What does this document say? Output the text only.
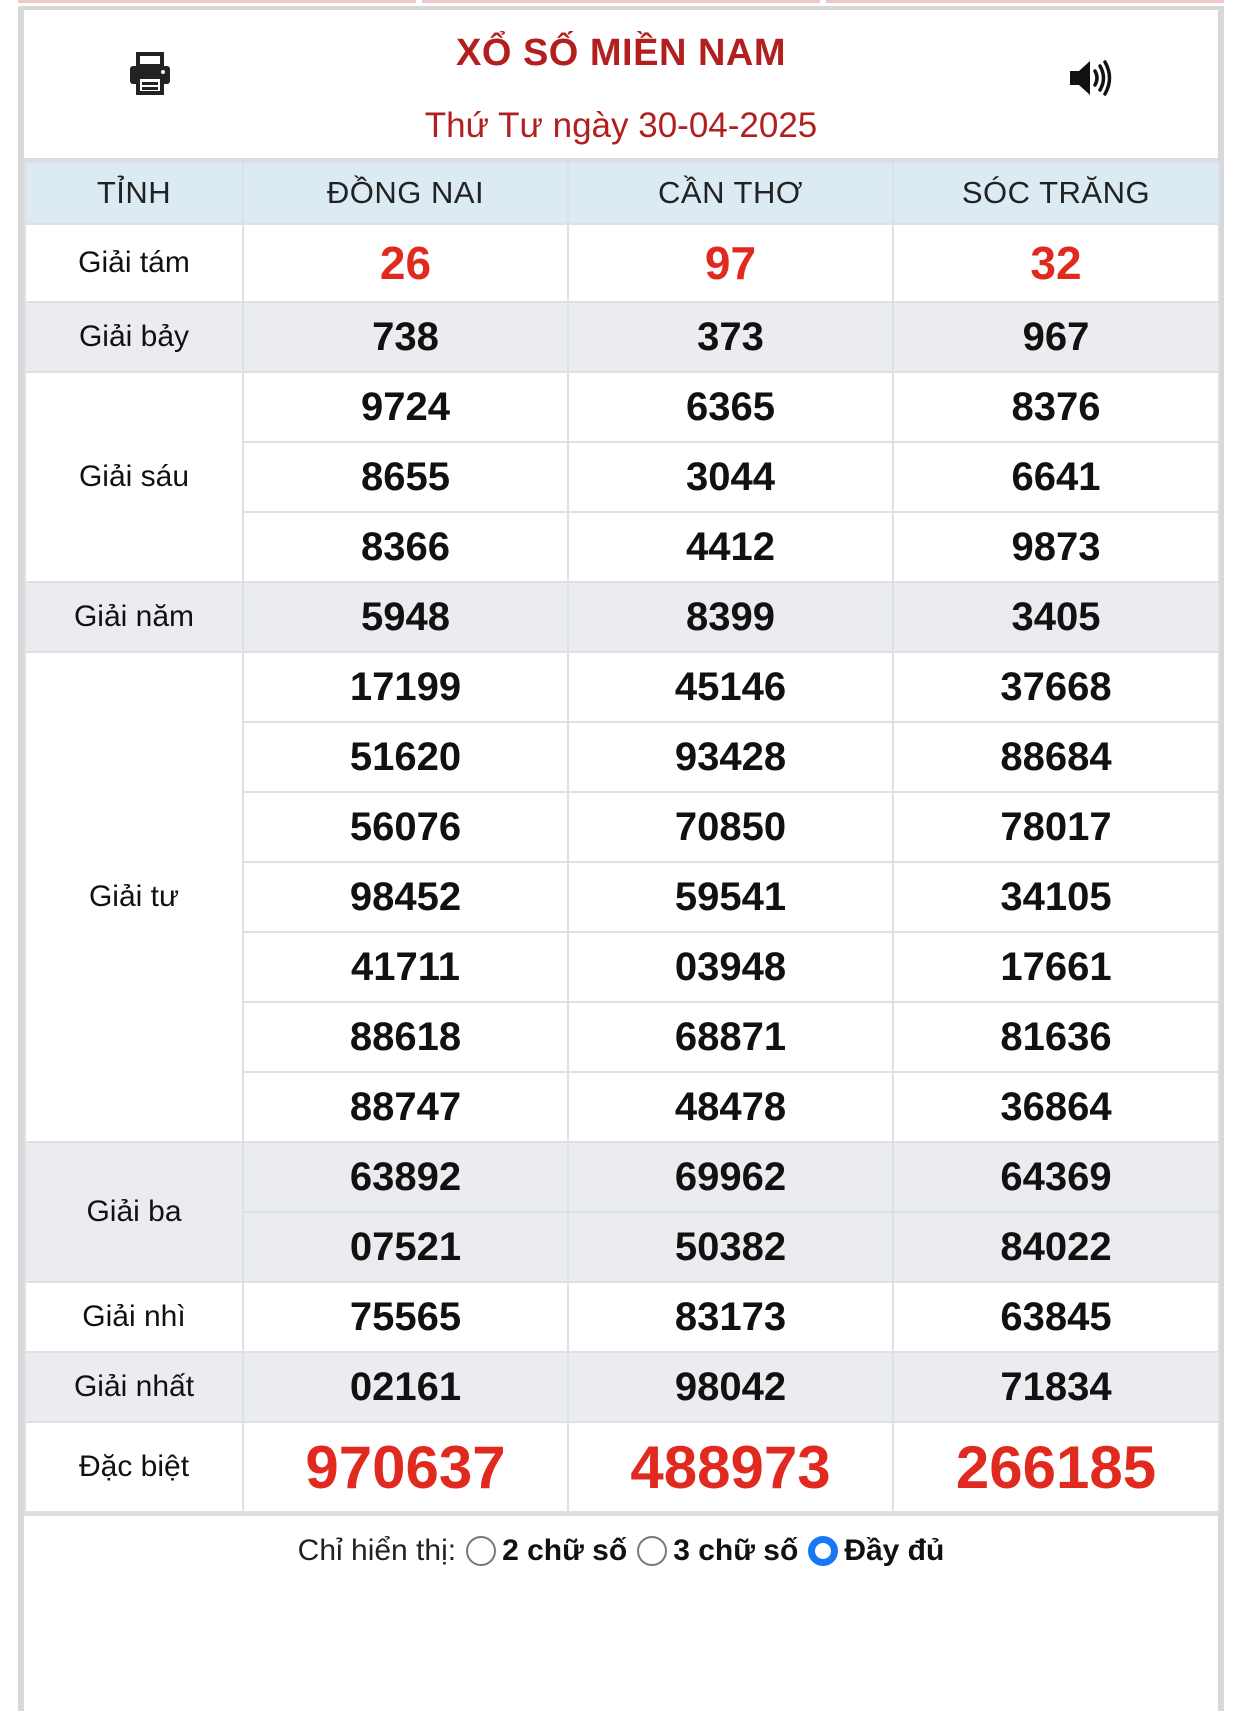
XỔ SỐ MIỀN NAM
Thứ Tư ngày 30-04-2025
TỈNH	ĐỒNG NAI	CẦN THƠ	SÓC TRĂNG
Giải tám	26	97	32
Giải bảy	738	373	967
Giải sáu	9724	6365	8376
	8655	3044	6641
	8366	4412	9873
Giải năm	5948	8399	3405
Giải tư	17199	45146	37668
	51620	93428	88684
	56076	70850	78017
	98452	59541	34105
	41711	03948	17661
	88618	68871	81636
	88747	48478	36864
Giải ba	63892	69962	64369
	07521	50382	84022
Giải nhì	75565	83173	63845
Giải nhất	02161	98042	71834
Đặc biệt	970637	488973	266185
Chỉ hiển thị: 2 chữ số 3 chữ số Đầy đủ
